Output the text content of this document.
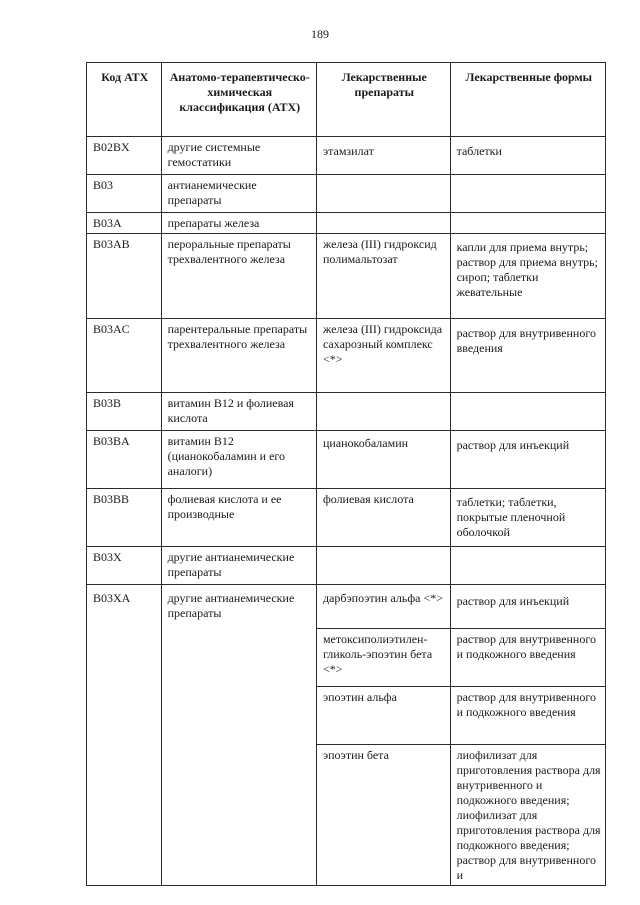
189
Код АТХ	Анатомо-терапевтическо-химическая классификация (АТХ)	Лекарственные препараты	Лекарственные формы
B02BX	другие системные гемостатики	этамзилат	таблетки
B03	антианемические препараты		
B03A	препараты железа		
B03AB	пероральные препараты трехвалентного железа	железа (III) гидроксид полимальтозат	капли для приема внутрь; раствор для приема внутрь; сироп; таблетки жевательные
B03AC	парентеральные препараты трехвалентного железа	железа (III) гидроксида сахарозный комплекс <*>	раствор для внутривенного введения
B03B	витамин B12 и фолиевая кислота		
B03BA	витамин B12 (цианокобаламин и его аналоги)	цианокобаламин	раствор для инъекций
B03BB	фолиевая кислота и ее производные	фолиевая кислота	таблетки; таблетки, покрытые пленочной оболочкой
B03X	другие антианемические препараты		
B03XA	другие антианемические препараты	дарбэпоэтин альфа <*>	раствор для инъекций
		метоксиполиэтилен-гликоль-эпоэтин бета <*>	раствор для внутривенного и подкожного введения
		эпоэтин альфа	раствор для внутривенного и подкожного введения
		эпоэтин бета	лиофилизат для приготовления раствора для внутривенного и подкожного введения; лиофилизат для приготовления раствора для подкожного введения; раствор для внутривенного и
